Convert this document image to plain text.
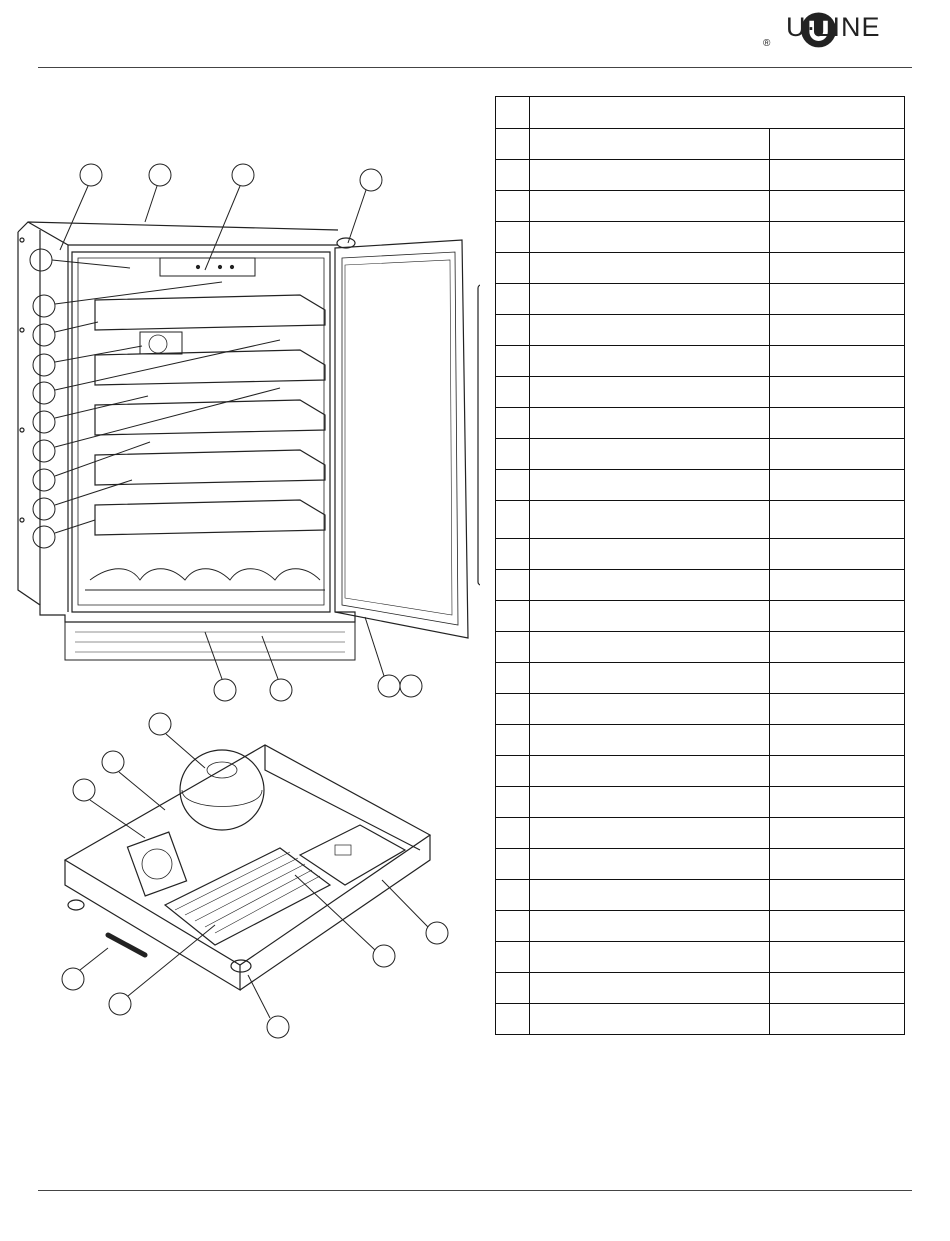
®
U·LINE
